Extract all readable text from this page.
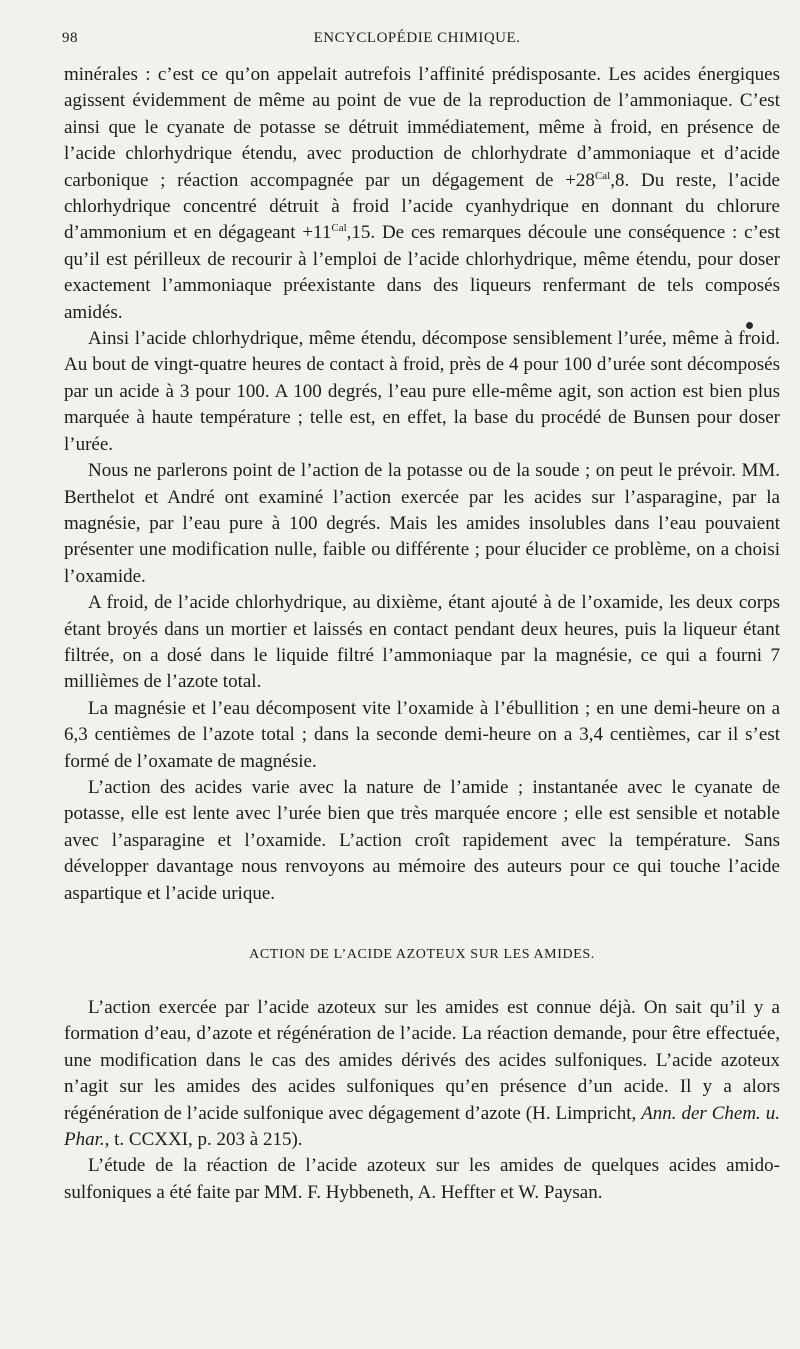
98	ENCYCLOPÉDIE CHIMIQUE.

minérales : c’est ce qu’on appelait autrefois l’affinité prédisposante. Les acides énergiques agissent évidemment de même au point de vue de la reproduction de l’ammoniaque. C’est ainsi que le cyanate de potasse se détruit immédiatement, même à froid, en présence de l’acide chlorhydrique étendu, avec production de chlorhydrate d’ammoniaque et d’acide carbonique ; réaction accompagnée par un dégagement de $+28^{Cal},8$. Du reste, l’acide chlorhydrique concentré détruit à froid l’acide cyanhydrique en donnant du chlorure d’ammonium et en dégageant $+11^{Cal},15$. De ces remarques découle une conséquence : c’est qu’il est périlleux de recourir à l’emploi de l’acide chlorhydrique, même étendu, pour doser exactement l’ammoniaque préexistante dans des liqueurs renfermant de tels composés amidés.

Ainsi l’acide chlorhydrique, même étendu, décompose sensiblement l’urée, même à froid. Au bout de vingt-quatre heures de contact à froid, près de 4 pour 100 d’urée sont décomposés par un acide à 3 pour 100. A 100 degrés, l’eau pure elle-même agit, son action est bien plus marquée à haute température ; telle est, en effet, la base du procédé de Bunsen pour doser l’urée.

Nous ne parlerons point de l’action de la potasse ou de la soude ; on peut le prévoir. MM. Berthelot et André ont examiné l’action exercée par les acides sur l’asparagine, par la magnésie, par l’eau pure à 100 degrés. Mais les amides insolubles dans l’eau pouvaient présenter une modification nulle, faible ou différente ; pour élucider ce problème, on a choisi l’oxamide.

A froid, de l’acide chlorhydrique, au dixième, étant ajouté à de l’oxamide, les deux corps étant broyés dans un mortier et laissés en contact pendant deux heures, puis la liqueur étant filtrée, on a dosé dans le liquide filtré l’ammoniaque par la magnésie, ce qui a fourni 7 millièmes de l’azote total.

La magnésie et l’eau décomposent vite l’oxamide à l’ébullition ; en une demi-heure on a 6,3 centièmes de l’azote total ; dans la seconde demi-heure on a 3,4 centièmes, car il s’est formé de l’oxamate de magnésie.

L’action des acides varie avec la nature de l’amide ; instantanée avec le cyanate de potasse, elle est lente avec l’urée bien que très marquée encore ; elle est sensible et notable avec l’asparagine et l’oxamide. L’action croît rapidement avec la température. Sans développer davantage nous renvoyons au mémoire des auteurs pour ce qui touche l’acide aspartique et l’acide urique.

ACTION DE L’ACIDE AZOTEUX SUR LES AMIDES.

L’action exercée par l’acide azoteux sur les amides est connue déjà. On sait qu’il y a formation d’eau, d’azote et régénération de l’acide. La réaction demande, pour être effectuée, une modification dans le cas des amides dérivés des acides sulfoniques. L’acide azoteux n’agit sur les amides des acides sulfoniques qu’en présence d’un acide. Il y a alors régénération de l’acide sulfonique avec dégagement d’azote (H. Limpricht, Ann. der Chem. u. Phar., t. CCXXI, p. 203 à 215).

L’étude de la réaction de l’acide azoteux sur les amides de quelques acides amido-sulfoniques a été faite par MM. F. Hybbeneth, A. Heffter et W. Paysan.
